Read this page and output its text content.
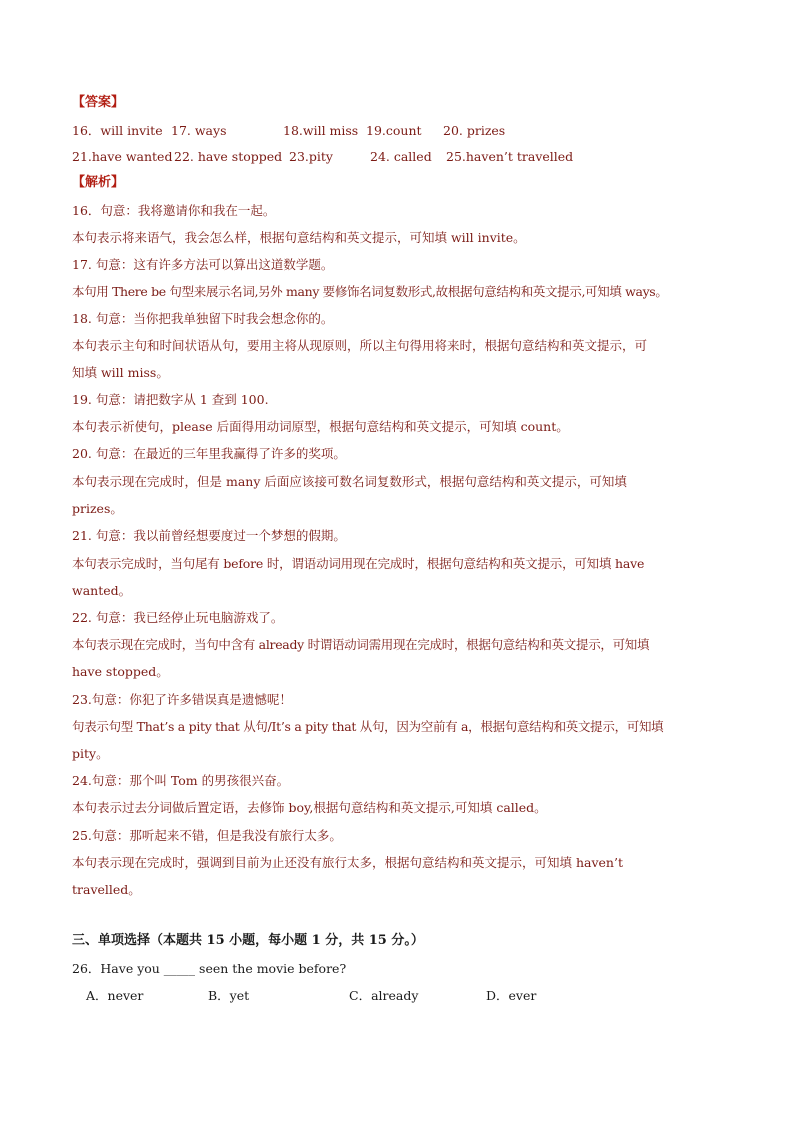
【答案】
16．will invite 17. ways	18.will miss 19.count 20. prizes
21.have wanted 22. have stopped 23.pity	24. called 25.haven’t travelled
【解析】
16．句意：我将邀请你和我在一起。
本句表示将来语气，我会怎么样，根据句意结构和英文提示，可知填 will invite。
17. 句意：这有许多方法可以算出这道数学题。
本句用 There be 句型来展示名词,另外 many 要修饰名词复数形式,故根据句意结构和英文提示,可知填 ways。
18. 句意：当你把我单独留下时我会想念你的。
本句表示主句和时间状语从句，要用主将从现原则，所以主句得用将来时，根据句意结构和英文提示，可
知填 will miss。
19. 句意：请把数字从 1 查到 100.
本句表示祈使句，please 后面得用动词原型，根据句意结构和英文提示，可知填 count。
20. 句意：在最近的三年里我赢得了许多的奖项。
本句表示现在完成时，但是 many 后面应该接可数名词复数形式，根据句意结构和英文提示，可知填
prizes。
21. 句意：我以前曾经想要度过一个梦想的假期。
本句表示完成时，当句尾有 before 时，谓语动词用现在完成时，根据句意结构和英文提示，可知填 have
wanted。
22. 句意：我已经停止玩电脑游戏了。
本句表示现在完成时，当句中含有 already 时谓语动词需用现在完成时，根据句意结构和英文提示，可知填
have stopped。
23.句意：你犯了许多错误真是遗憾呢！
句表示句型 That’s a pity that 从句/It’s a pity that 从句，因为空前有 a，根据句意结构和英文提示，可知填
pity。
24.句意：那个叫 Tom 的男孩很兴奋。
本句表示过去分词做后置定语，去修饰 boy,根据句意结构和英文提示,可知填 called。
25.句意：那听起来不错，但是我没有旅行太多。
本句表示现在完成时，强调到目前为止还没有旅行太多，根据句意结构和英文提示，可知填 haven’t
travelled。
三、单项选择（本题共 15 小题，每小题 1 分，共 15 分。）
26．Have you _____ seen the movie before?
A．never	B．yet	C．already	D．ever
